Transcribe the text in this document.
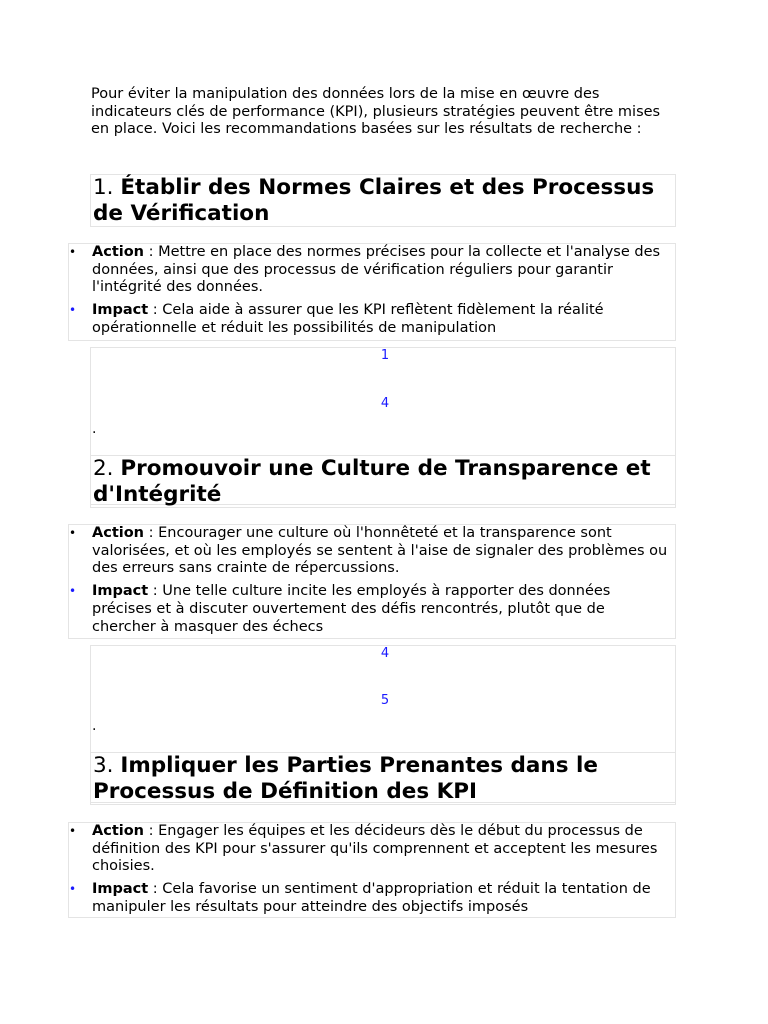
Pour éviter la manipulation des données lors de la mise en œuvre des indicateurs clés de performance (KPI), plusieurs stratégies peuvent être mises en place. Voici les recommandations basées sur les résultats de recherche :

1. Établir des Normes Claires et des Processus de Vérification
• Action : Mettre en place des normes précises pour la collecte et l'analyse des données, ainsi que des processus de vérification réguliers pour garantir l'intégrité des données.
• Impact : Cela aide à assurer que les KPI reflètent fidèlement la réalité opérationnelle et réduit les possibilités de manipulation
1
4
.
2. Promouvoir une Culture de Transparence et d'Intégrité
• Action : Encourager une culture où l'honnêteté et la transparence sont valorisées, et où les employés se sentent à l'aise de signaler des problèmes ou des erreurs sans crainte de répercussions.
• Impact : Une telle culture incite les employés à rapporter des données précises et à discuter ouvertement des défis rencontrés, plutôt que de chercher à masquer des échecs
4
5
.
3. Impliquer les Parties Prenantes dans le Processus de Définition des KPI
• Action : Engager les équipes et les décideurs dès le début du processus de définition des KPI pour s'assurer qu'ils comprennent et acceptent les mesures choisies.
• Impact : Cela favorise un sentiment d'appropriation et réduit la tentation de manipuler les résultats pour atteindre des objectifs imposés
